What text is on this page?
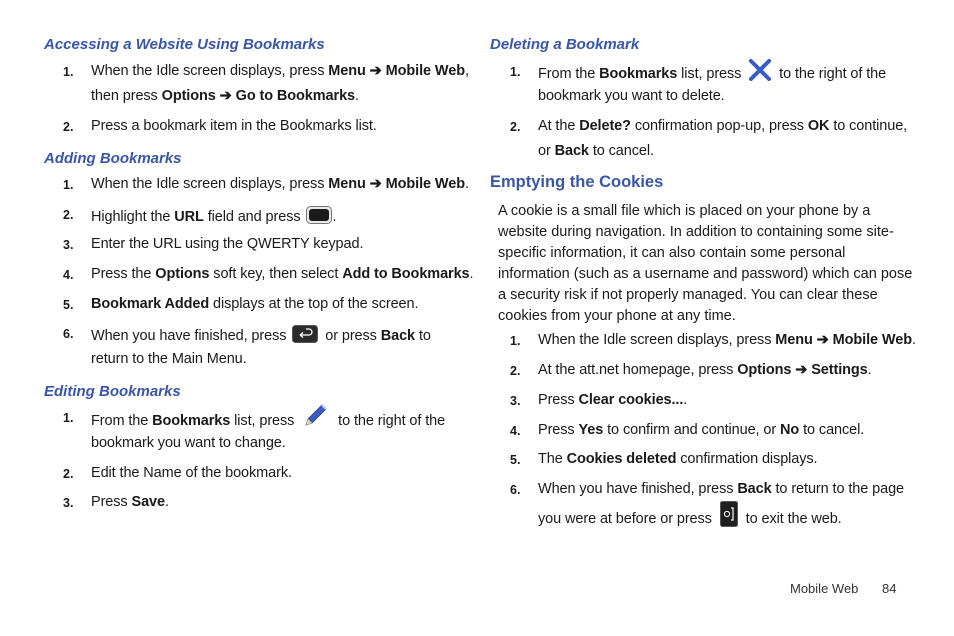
Accessing a Website Using Bookmarks
1. When the Idle screen displays, press Menu ➔ Mobile Web,
then press Options ➔ Go to Bookmarks.
2. Press a bookmark item in the Bookmarks list.
Adding Bookmarks
1. When the Idle screen displays, press Menu ➔ Mobile Web.
2. Highlight the URL field and press .
3. Enter the URL using the QWERTY keypad.
4. Press the Options soft key, then select Add to Bookmarks.
5. Bookmark Added displays at the top of the screen.
6. When you have finished, press  or press Back to
return to the Main Menu.
Editing Bookmarks
1. From the Bookmarks list, press  to the right of the
bookmark you want to change.
2. Edit the Name of the bookmark.
3. Press Save.
Deleting a Bookmark
1. From the Bookmarks list, press  to the right of the
bookmark you want to delete.
2. At the Delete? confirmation pop-up, press OK to continue,
or Back to cancel.
Emptying the Cookies
A cookie is a small file which is placed on your phone by a
website during navigation. In addition to containing some site-
specific information, it can also contain some personal
information (such as a username and password) which can pose
a security risk if not properly managed. You can clear these
cookies from your phone at any time.
1. When the Idle screen displays, press Menu ➔ Mobile Web.
2. At the att.net homepage, press Options ➔ Settings.
3. Press Clear cookies....
4. Press Yes to confirm and continue, or No to cancel.
5. The Cookies deleted confirmation displays.
6. When you have finished, press Back to return to the page
you were at before or press  to exit the web.
Mobile Web 84
